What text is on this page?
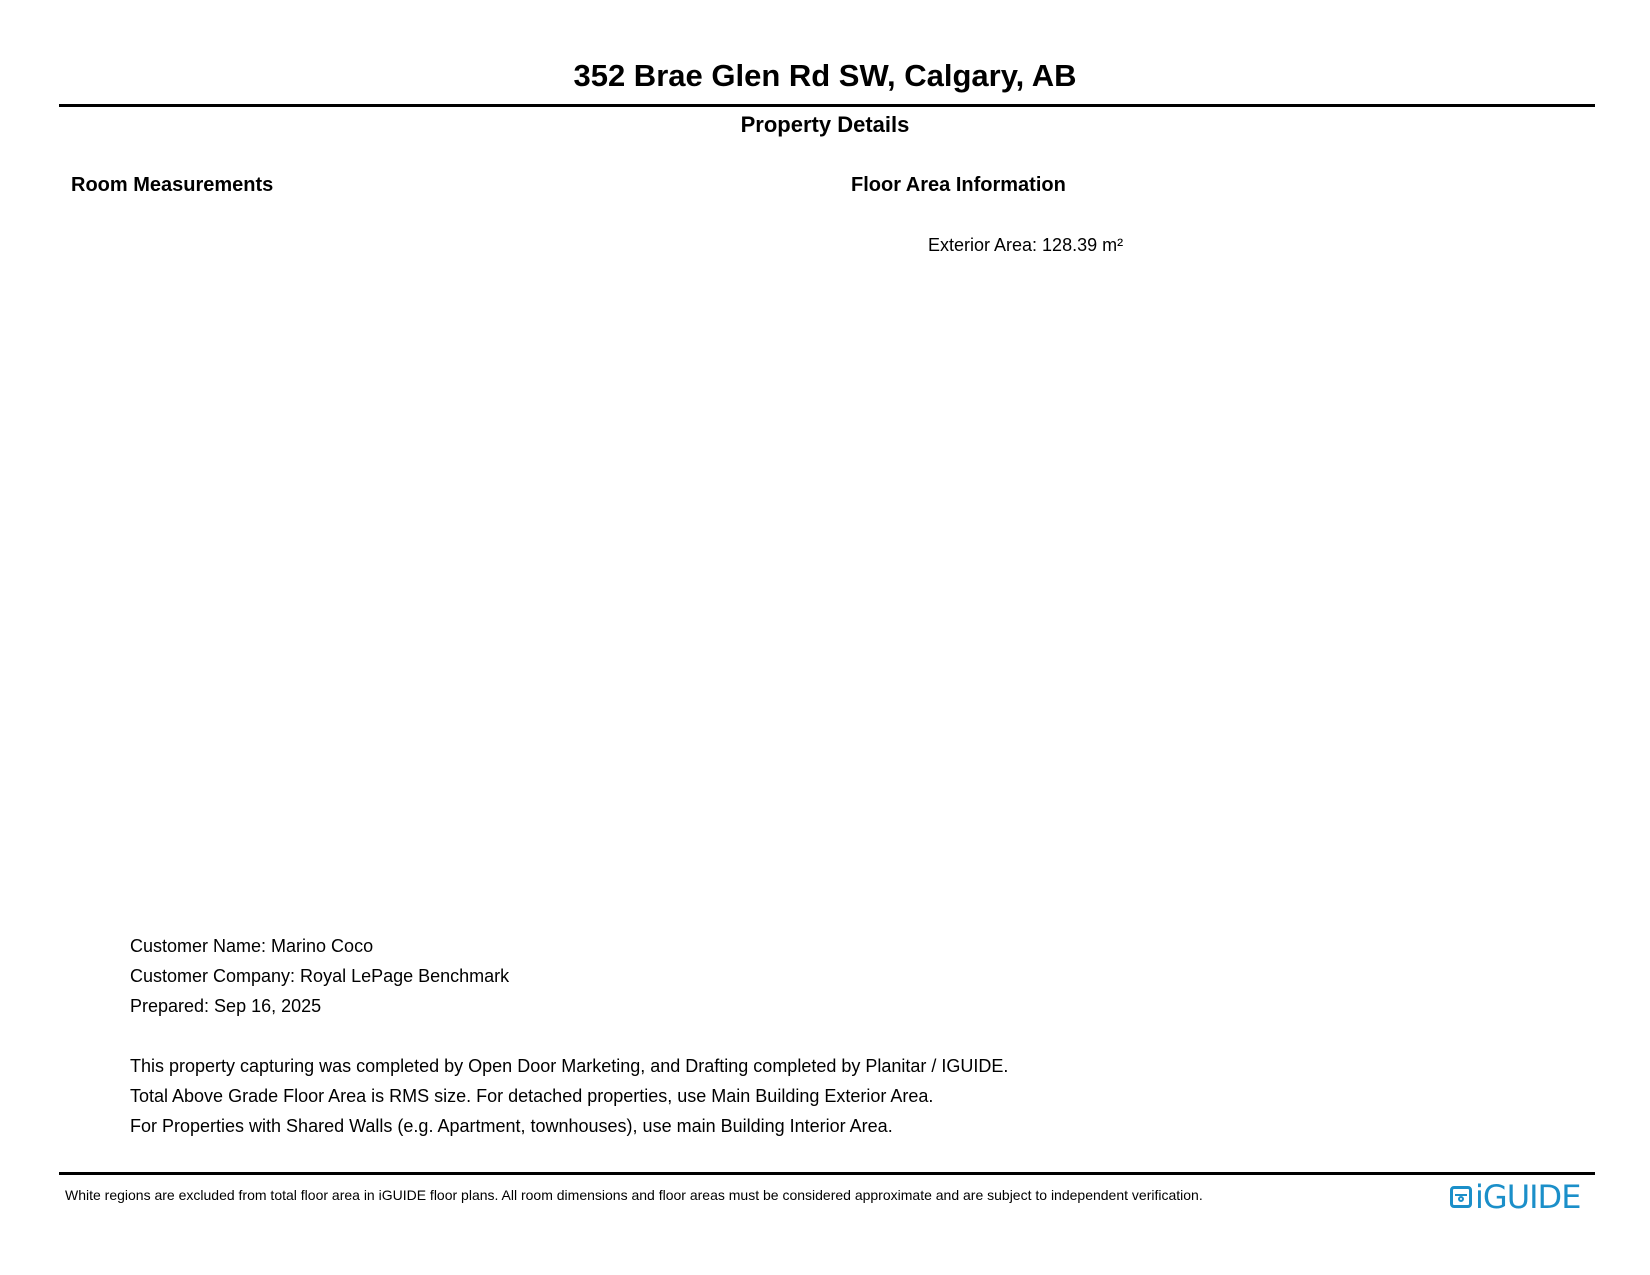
352 Brae Glen Rd SW, Calgary, AB
Property Details
Room Measurements	Floor Area Information
Exterior Area: 128.39 m²
Customer Name: Marino Coco
Customer Company: Royal LePage Benchmark
Prepared: Sep 16, 2025
This property capturing was completed by Open Door Marketing, and Drafting completed by Planitar / IGUIDE.
Total Above Grade Floor Area is RMS size. For detached properties, use Main Building Exterior Area.
For Properties with Shared Walls (e.g. Apartment, townhouses), use main Building Interior Area.
White regions are excluded from total floor area in iGUIDE floor plans. All room dimensions and floor areas must be considered approximate and are subject to independent verification.	iGUIDE
